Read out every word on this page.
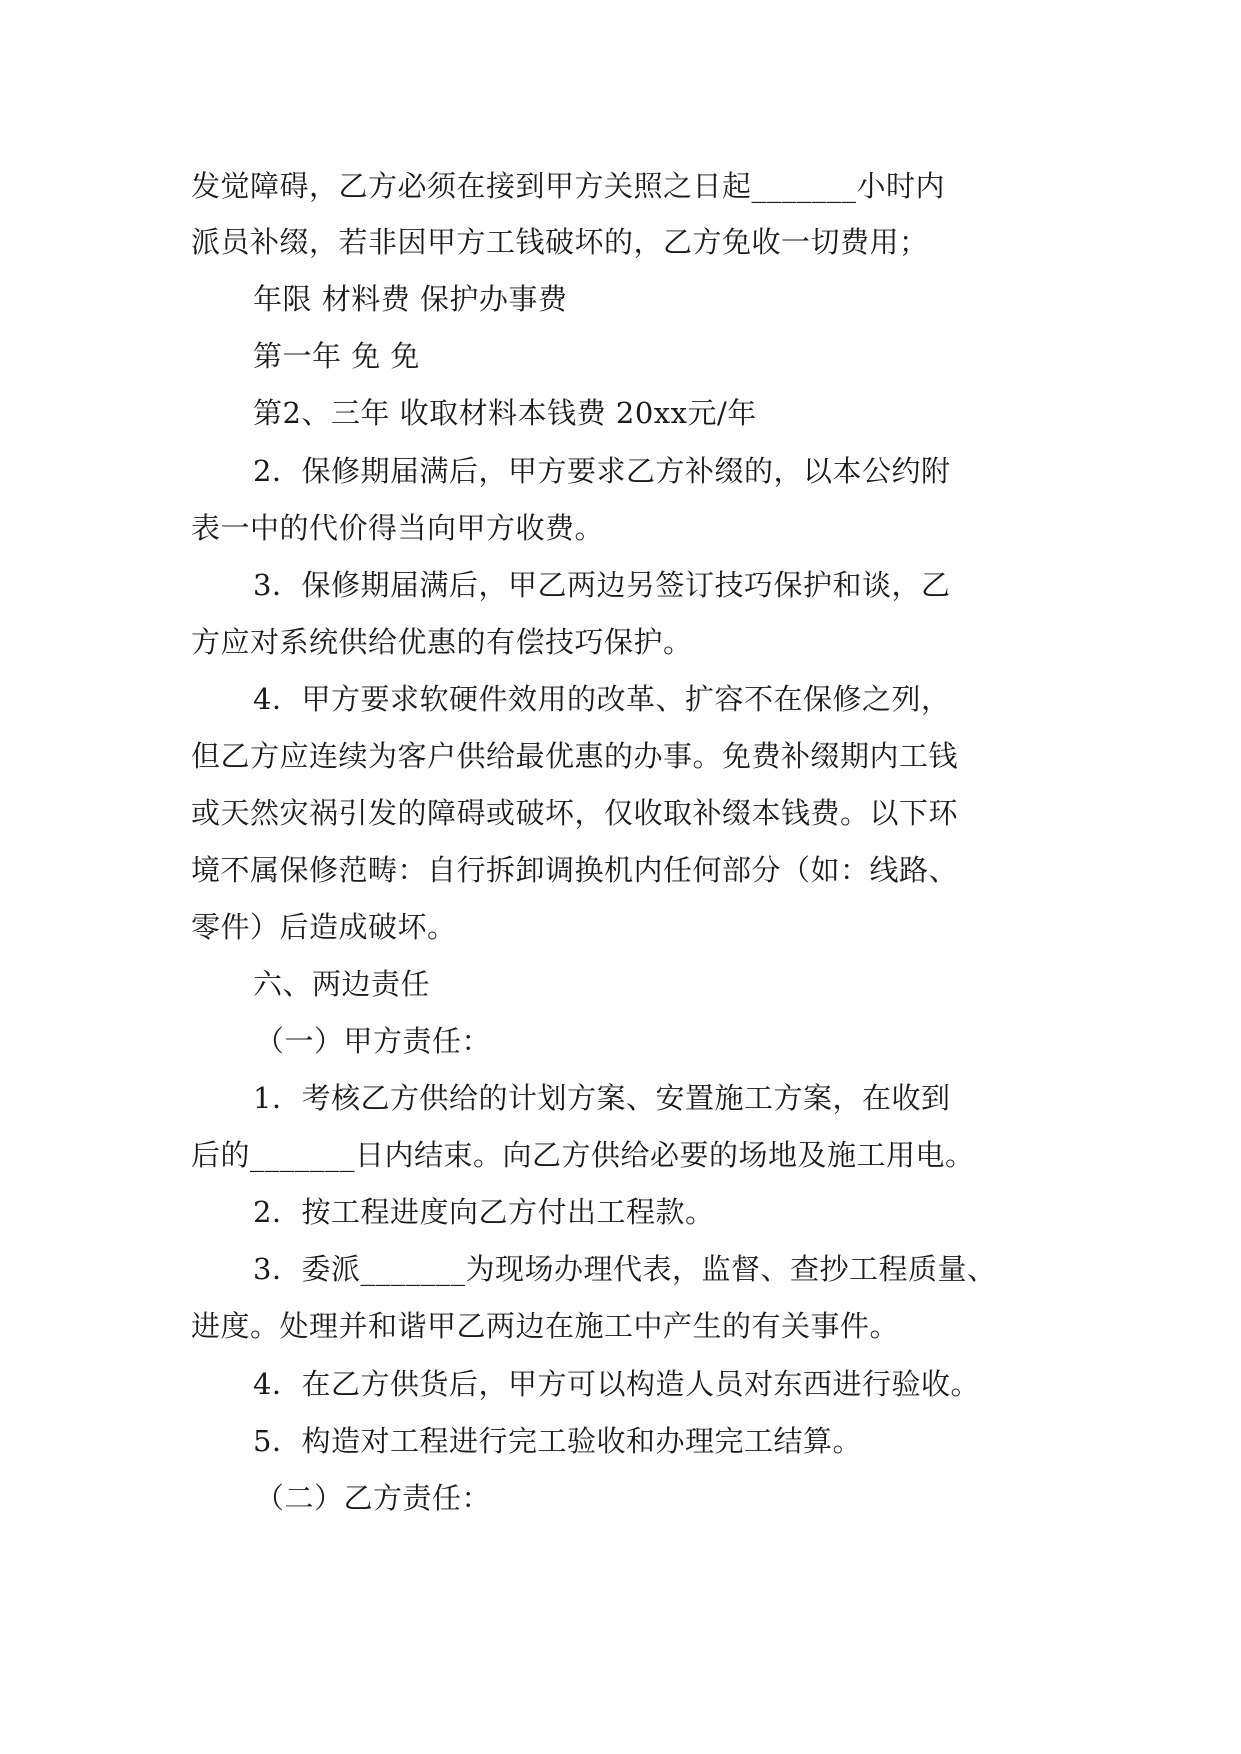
发觉障碍，乙方必须在接到甲方关照之日起_______小时内
派员补缀，若非因甲方工钱破坏的，乙方免收一切费用；
年限 材料费 保护办事费
第一年 免 免
第2、三年 收取材料本钱费 20xx元/年
2．保修期届满后，甲方要求乙方补缀的，以本公约附
表一中的代价得当向甲方收费。
3．保修期届满后，甲乙两边另签订技巧保护和谈，乙
方应对系统供给优惠的有偿技巧保护。
4．甲方要求软硬件效用的改革、扩容不在保修之列，
但乙方应连续为客户供给最优惠的办事。免费补缀期内工钱
或天然灾祸引发的障碍或破坏，仅收取补缀本钱费。以下环
境不属保修范畴：自行拆卸调换机内任何部分（如：线路、
零件）后造成破坏。
六、两边责任
（一）甲方责任：
1．考核乙方供给的计划方案、安置施工方案，在收到
后的_______日内结束。向乙方供给必要的场地及施工用电。
2．按工程进度向乙方付出工程款。
3．委派_______为现场办理代表，监督、查抄工程质量、
进度。处理并和谐甲乙两边在施工中产生的有关事件。
4．在乙方供货后，甲方可以构造人员对东西进行验收。
5．构造对工程进行完工验收和办理完工结算。
（二）乙方责任：
